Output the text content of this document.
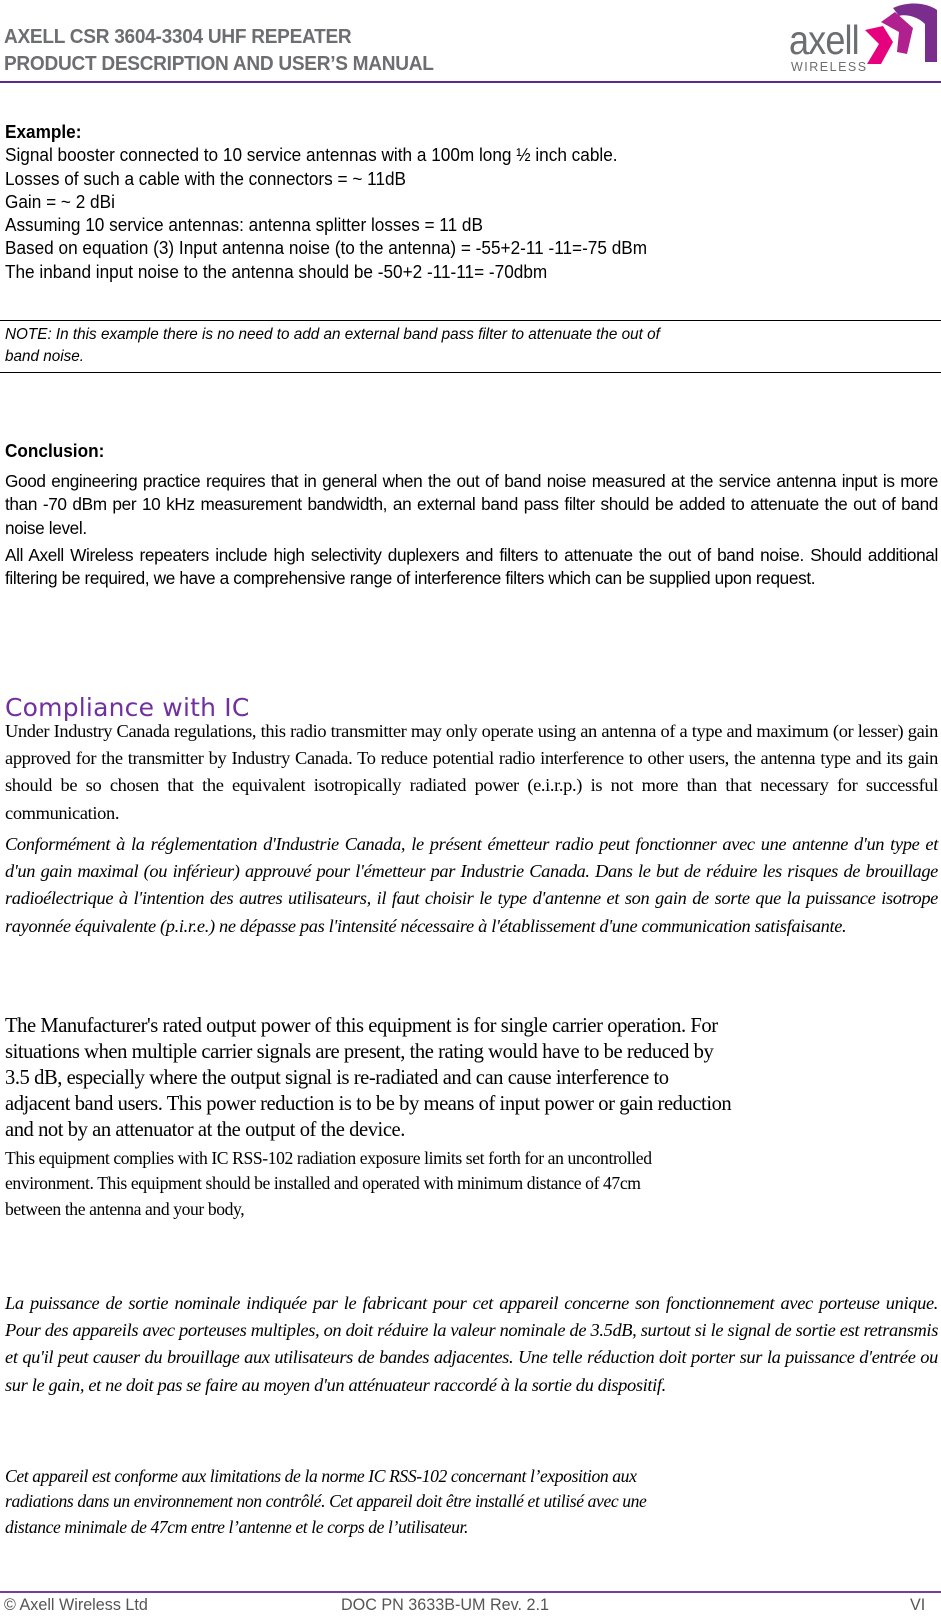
AXELL CSR 3604-3304 UHF REPEATER
PRODUCT DESCRIPTION AND USER’S MANUAL
axell
WIRELESS
Example:
Signal booster connected to 10 service antennas with a 100m long ½ inch cable.
Losses of such a cable with the connectors = ~ 11dB
Gain = ~ 2 dBi
Assuming 10 service antennas: antenna splitter losses = 11 dB
Based on equation (3) Input antenna noise (to the antenna) = -55+2-11 -11=-75 dBm
The inband input noise to the antenna should be -50+2 -11-11= -70dbm
NOTE: In this example there is no need to add an external band pass filter to attenuate the out of
band noise.
Conclusion:

Good engineering practice requires that in general when the out of band noise measured at the service antenna input is more than -70 dBm per 10 kHz measurement bandwidth, an external band pass filter should be added to attenuate the out of band noise level.

All Axell Wireless repeaters include high selectivity duplexers and filters to attenuate the out of band noise. Should additional filtering be required, we have a comprehensive range of interference filters which can be supplied upon request.

Compliance with IC

Under Industry Canada regulations, this radio transmitter may only operate using an antenna of a type and maximum (or lesser) gain approved for the transmitter by Industry Canada. To reduce potential radio interference to other users, the antenna type and its gain should be so chosen that the equivalent isotropically radiated power (e.i.r.p.) is not more than that necessary for successful communication.

Conformément à la réglementation d'Industrie Canada, le présent émetteur radio peut fonctionner avec une antenne d'un type et d'un gain maximal (ou inférieur) approuvé pour l'émetteur par Industrie Canada. Dans le but de réduire les risques de brouillage radioélectrique à l'intention des autres utilisateurs, il faut choisir le type d'antenne et son gain de sorte que la puissance isotrope rayonnée équivalente (p.i.r.e.) ne dépasse pas l'intensité nécessaire à l'établissement d'une communication satisfaisante.

The Manufacturer's rated output power of this equipment is for single carrier operation. For

situations when multiple carrier signals are present, the rating would have to be reduced by

3.5 dB, especially where the output signal is re-radiated and can cause interference to

adjacent band users. This power reduction is to be by means of input power or gain reduction

and not by an attenuator at the output of the device.

This equipment complies with IC RSS-102 radiation exposure limits set forth for an uncontrolled

environment. This equipment should be installed and operated with minimum distance of 47cm

between the antenna and your body,

La puissance de sortie nominale indiquée par le fabricant pour cet appareil concerne son fonctionnement avec porteuse unique. Pour des appareils avec porteuses multiples, on doit réduire la valeur nominale de 3.5dB, surtout si le signal de sortie est retransmis et qu'il peut causer du brouillage aux utilisateurs de bandes adjacentes. Une telle réduction doit porter sur la puissance d'entrée ou sur le gain, et ne doit pas se faire au moyen d'un atténuateur raccordé à la sortie du dispositif.

Cet appareil est conforme aux limitations de la norme IC RSS-102 concernant l’exposition aux

radiations dans un environnement non contrôlé. Cet appareil doit être installé et utilisé avec une

distance minimale de 47cm entre l’antenne et le corps de l’utilisateur.

© Axell Wireless Ltd	DOC PN 3633B-UM Rev. 2.1	VI
